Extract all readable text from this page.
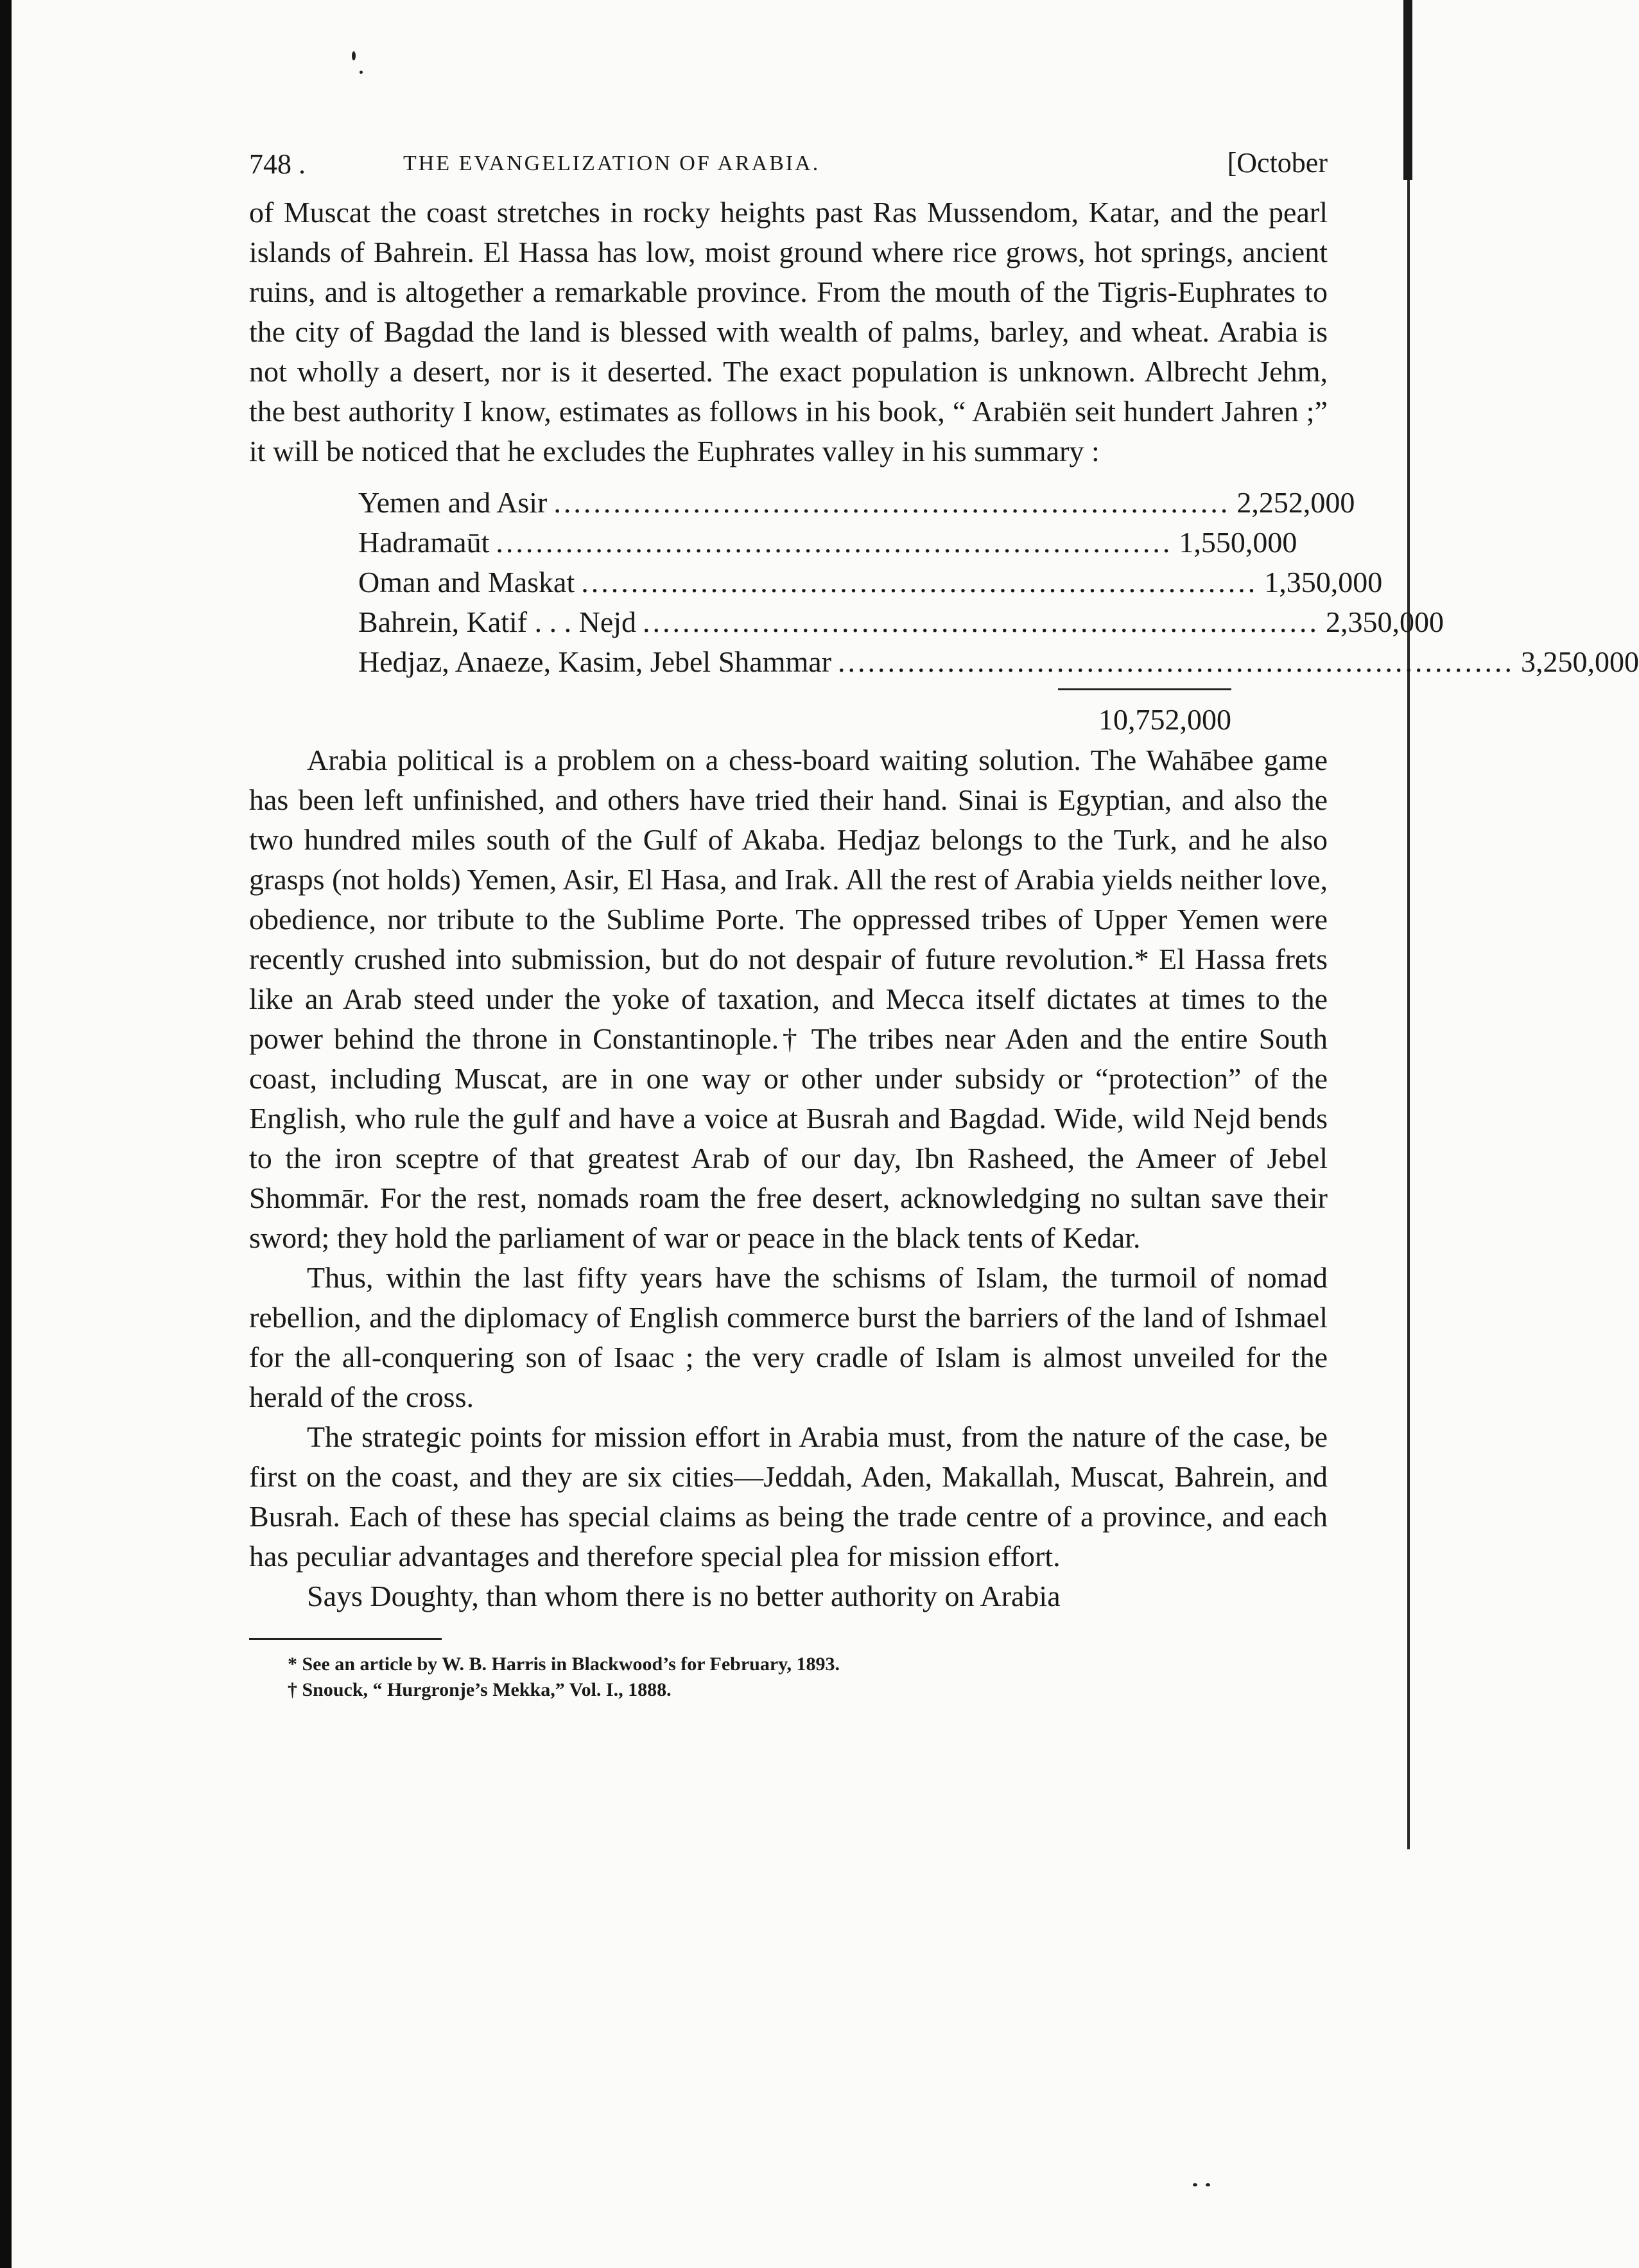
748 .	THE EVANGELIZATION OF ARABIA.	[October

of Muscat the coast stretches in rocky heights past Ras Mussendom, Katar, and the pearl islands of Bahrein. El Hassa has low, moist ground where rice grows, hot springs, ancient ruins, and is altogether a remarkable province. From the mouth of the Tigris-Euphrates to the city of Bagdad the land is blessed with wealth of palms, barley, and wheat. Arabia is not wholly a desert, nor is it deserted. The exact population is unknown. Albrecht Jehm, the best authority I know, estimates as follows in his book, “ Arabiën seit hundert Jahren ;” it will be noticed that he excludes the Euphrates valley in his summary :

Yemen and Asir .................................................................... 2,252,000
Hadramaūt .................................................................... 1,550,000
Oman and Maskat .................................................................... 1,350,000
Bahrein, Katif . . . Nejd .................................................................... 2,350,000
Hedjaz, Anaeze, Kasim, Jebel Shammar .................................................................... 3,250,000
10,752,000

Arabia political is a problem on a chess-board waiting solution. The Wahābee game has been left unfinished, and others have tried their hand. Sinai is Egyptian, and also the two hundred miles south of the Gulf of Akaba. Hedjaz belongs to the Turk, and he also grasps (not holds) Yemen, Asir, El Hasa, and Irak. All the rest of Arabia yields neither love, obedience, nor tribute to the Sublime Porte. The oppressed tribes of Upper Yemen were recently crushed into submission, but do not despair of future revolution.* El Hassa frets like an Arab steed under the yoke of taxation, and Mecca itself dictates at times to the power behind the throne in Constantinople.† The tribes near Aden and the entire South coast, including Muscat, are in one way or other under subsidy or “protection” of the English, who rule the gulf and have a voice at Busrah and Bagdad. Wide, wild Nejd bends to the iron sceptre of that greatest Arab of our day, Ibn Rasheed, the Ameer of Jebel Shommār. For the rest, nomads roam the free desert, acknowledging no sultan save their sword; they hold the parliament of war or peace in the black tents of Kedar.

Thus, within the last fifty years have the schisms of Islam, the turmoil of nomad rebellion, and the diplomacy of English commerce burst the barriers of the land of Ishmael for the all-conquering son of Isaac ; the very cradle of Islam is almost unveiled for the herald of the cross.

The strategic points for mission effort in Arabia must, from the nature of the case, be first on the coast, and they are six cities—Jeddah, Aden, Makallah, Muscat, Bahrein, and Busrah. Each of these has special claims as being the trade centre of a province, and each has peculiar advantages and therefore special plea for mission effort.

Says Doughty, than whom there is no better authority on Arabia

* See an article by W. B. Harris in Blackwood’s for February, 1893.

† Snouck, “ Hurgronje’s Mekka,” Vol. I., 1888.
